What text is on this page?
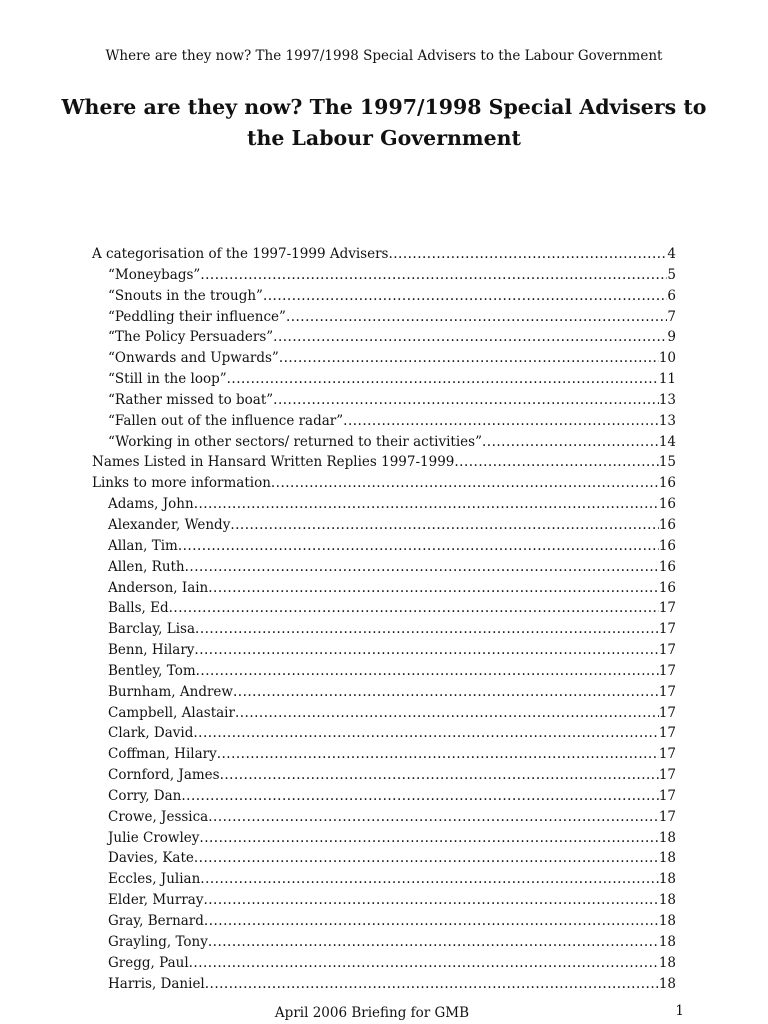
Where are they now? The 1997/1998 Special Advisers to the Labour Government
Where are they now? The 1997/1998 Special Advisers to the Labour Government
A categorisation of the 1997-1999 Advisers .....	4
“Moneybags” .....	5
“Snouts in the trough” .....	6
“Peddling their influence” .....	7
“The Policy Persuaders” .....	9
“Onwards and Upwards” .....	10
“Still in the loop” .....	11
“Rather missed to boat” .....	13
“Fallen out of the influence radar” .....	13
“Working in other sectors/ returned to their activities” .....	14
Names Listed in Hansard Written Replies 1997-1999 .....	15
Links to more information .....	16
Adams, John .....	16
Alexander, Wendy .....	16
Allan, Tim .....	16
Allen, Ruth .....	16
Anderson, Iain .....	16
Balls, Ed .....	17
Barclay, Lisa .....	17
Benn, Hilary .....	17
Bentley, Tom .....	17
Burnham, Andrew .....	17
Campbell, Alastair .....	17
Clark, David .....	17
Coffman, Hilary .....	17
Cornford, James .....	17
Corry, Dan .....	17
Crowe, Jessica .....	17
Julie Crowley .....	18
Davies, Kate .....	18
Eccles, Julian .....	18
Elder, Murray .....	18
Gray, Bernard .....	18
Grayling, Tony .....	18
Gregg, Paul .....	18
Harris, Daniel .....	18
April 2006 Briefing for GMB	1
